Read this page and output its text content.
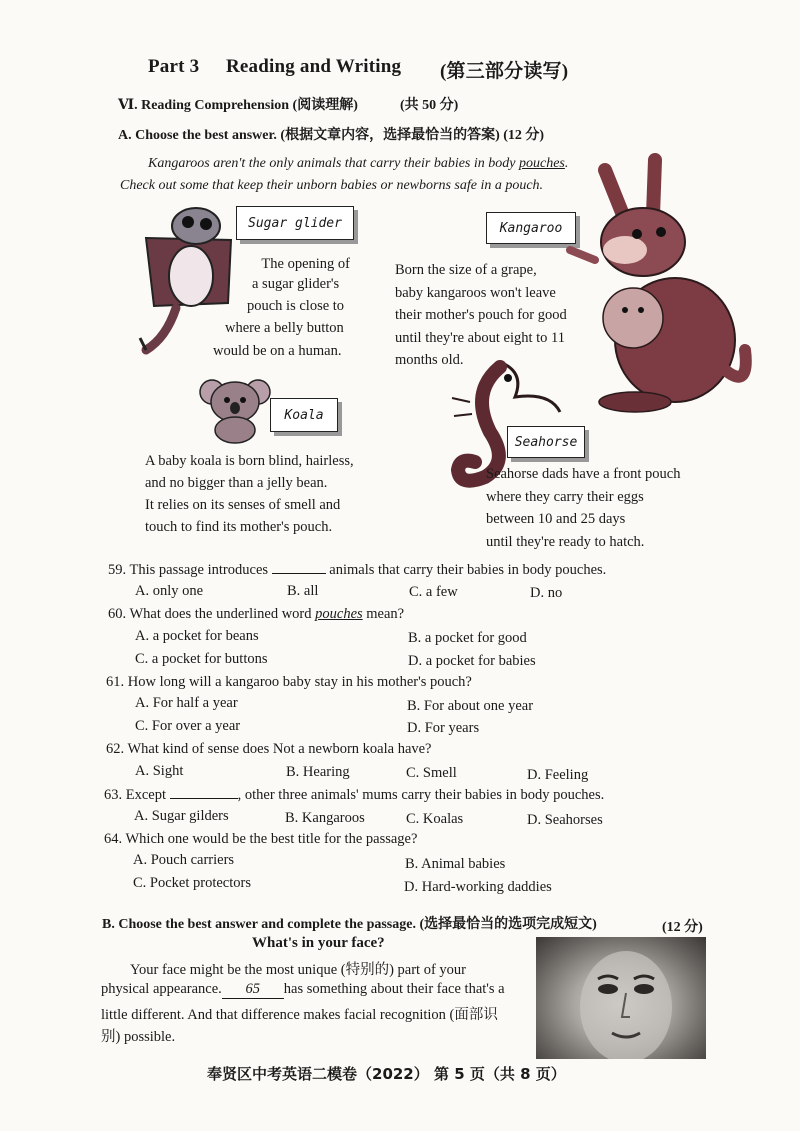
Part 3 Reading and Writing (第三部分读写)
Ⅵ. Reading Comprehension (阅读理解)	(共 50 分)
A. Choose the best answer. (根据文章内容，选择最恰当的答案) (12 分)
Kangaroos aren't the only animals that carry their babies in body pouches.
Check out some that keep their unborn babies or newborns safe in a pouch.
Sugar glider
The opening of
a sugar glider's
pouch is close to
where a belly button
would be on a human.
Kangaroo
Born the size of a grape,
baby kangaroos won't leave
their mother's pouch for good
until they're about eight to 11
months old.
Koala
A baby koala is born blind, hairless,
and no bigger than a jelly bean.
It relies on its senses of smell and
touch to find its mother's pouch.
Seahorse
Seahorse dads have a front pouch
where they carry their eggs
between 10 and 25 days
until they're ready to hatch.
59. This passage introduces	animals that carry their babies in body pouches.
A. only one	B. all	C. a few	D. no
60. What does the underlined word pouches mean?
A. a pocket for beans	B. a pocket for good
C. a pocket for buttons	D. a pocket for babies
61. How long will a kangaroo baby stay in his mother's pouch?
A. For half a year	B. For about one year
C. For over a year	D. For years
62. What kind of sense does Not a newborn koala have?
A. Sight	B. Hearing	C. Smell	D. Feeling
63. Except	, other three animals' mums carry their babies in body pouches.
A. Sugar gilders	B. Kangaroos	C. Koalas	D. Seahorses
64. Which one would be the best title for the passage?
A. Pouch carriers	B. Animal babies
C. Pocket protectors	D. Hard-working daddies
B. Choose the best answer and complete the passage. (选择最恰当的选项完成短文)	(12 分)
What's in your face?
Your face might be the most unique (特别的) part of your
physical appearance. 65 has something about their face that's a
little different. And that difference makes facial recognition (面部识
别) possible.
奉贤区中考英语二模卷（2022） 第 5 页（共 8 页）
